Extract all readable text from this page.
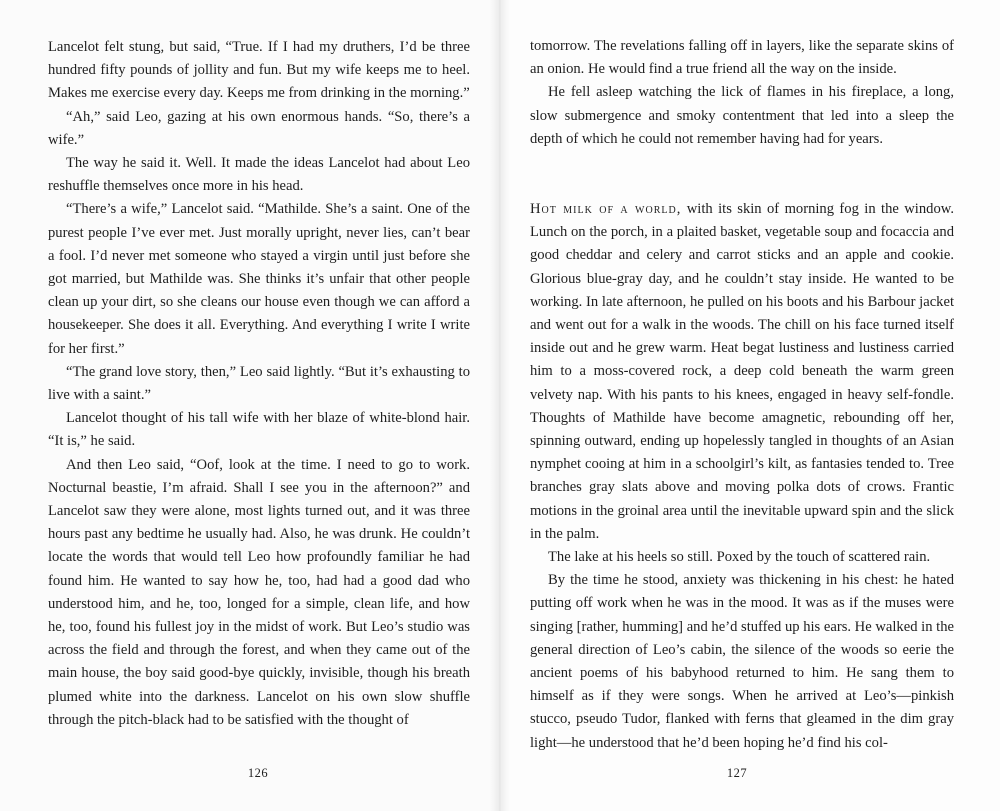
Lancelot felt stung, but said, “True. If I had my druthers, I’d be three hundred fifty pounds of jollity and fun. But my wife keeps me to heel. Makes me exercise every day. Keeps me from drinking in the morning.”

“Ah,” said Leo, gazing at his own enormous hands. “So, there’s a wife.”

The way he said it. Well. It made the ideas Lancelot had about Leo reshuffle themselves once more in his head.

“There’s a wife,” Lancelot said. “Mathilde. She’s a saint. One of the purest people I’ve ever met. Just morally upright, never lies, can’t bear a fool. I’d never met someone who stayed a virgin until just before she got married, but Mathilde was. She thinks it’s unfair that other people clean up your dirt, so she cleans our house even though we can afford a housekeeper. She does it all. Everything. And everything I write I write for her first.”

“The grand love story, then,” Leo said lightly. “But it’s exhausting to live with a saint.”

Lancelot thought of his tall wife with her blaze of white-blond hair. “It is,” he said.

And then Leo said, “Oof, look at the time. I need to go to work. Nocturnal beastie, I’m afraid. Shall I see you in the afternoon?” and Lancelot saw they were alone, most lights turned out, and it was three hours past any bedtime he usually had. Also, he was drunk. He couldn’t locate the words that would tell Leo how profoundly familiar he had found him. He wanted to say how he, too, had had a good dad who understood him, and he, too, longed for a simple, clean life, and how he, too, found his fullest joy in the midst of work. But Leo’s studio was across the field and through the forest, and when they came out of the main house, the boy said good-bye quickly, invisible, though his breath plumed white into the darkness. Lancelot on his own slow shuffle through the pitch-black had to be satisfied with the thought of

126

tomorrow. The revelations falling off in layers, like the separate skins of an onion. He would find a true friend all the way on the inside.

He fell asleep watching the lick of flames in his fireplace, a long, slow submergence and smoky contentment that led into a sleep the depth of which he could not remember having had for years.

Hot milk of a world, with its skin of morning fog in the window. Lunch on the porch, in a plaited basket, vegetable soup and focaccia and good cheddar and celery and carrot sticks and an apple and cookie. Glorious blue-gray day, and he couldn’t stay inside. He wanted to be working. In late afternoon, he pulled on his boots and his Barbour jacket and went out for a walk in the woods. The chill on his face turned itself inside out and he grew warm. Heat begat lustiness and lustiness carried him to a moss-covered rock, a deep cold beneath the warm green velvety nap. With his pants to his knees, engaged in heavy self-fondle. Thoughts of Mathilde have become amagnetic, rebounding off her, spinning outward, ending up hopelessly tangled in thoughts of an Asian nymphet cooing at him in a schoolgirl’s kilt, as fantasies tended to. Tree branches gray slats above and moving polka dots of crows. Frantic motions in the groinal area until the inevitable upward spin and the slick in the palm.

The lake at his heels so still. Poxed by the touch of scattered rain.

By the time he stood, anxiety was thickening in his chest: he hated putting off work when he was in the mood. It was as if the muses were singing [rather, humming] and he’d stuffed up his ears. He walked in the general direction of Leo’s cabin, the silence of the woods so eerie the ancient poems of his babyhood returned to him. He sang them to himself as if they were songs. When he arrived at Leo’s—pinkish stucco, pseudo Tudor, flanked with ferns that gleamed in the dim gray light—he understood that he’d been hoping he’d find his col-

127
